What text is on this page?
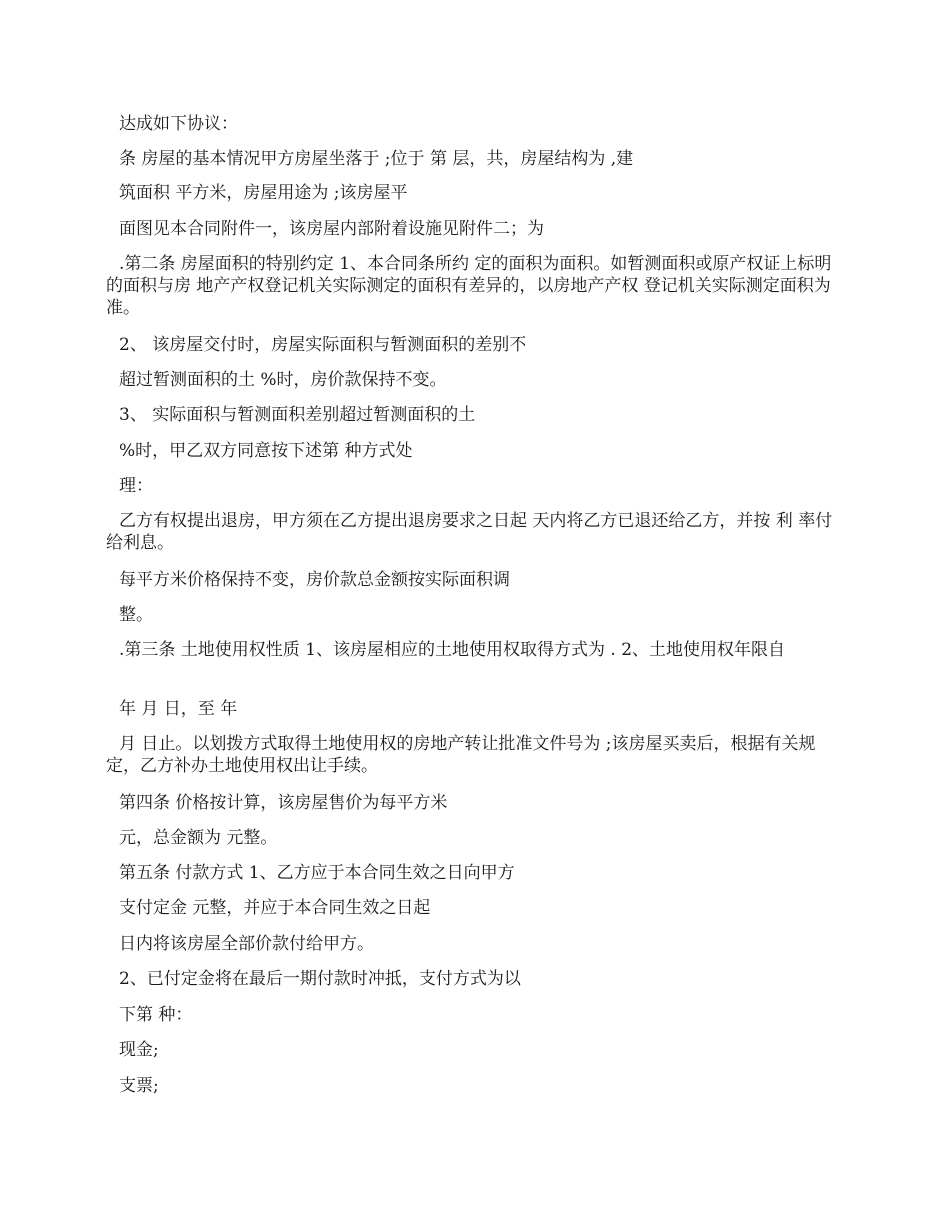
达成如下协议：

条 房屋的基本情况甲方房屋坐落于 ;位于 第 层，共，房屋结构为 ,建

筑面积 平方米，房屋用途为 ;该房屋平

面图见本合同附件一，该房屋内部附着设施见附件二；为

.第二条 房屋面积的特别约定 1、本合同条所约 定的面积为面积。如暂测面积或原产权证上标明的面积与房 地产产权登记机关实际测定的面积有差异的，以房地产产权 登记机关实际测定面积为准。

2、 该房屋交付时，房屋实际面积与暂测面积的差别不

超过暂测面积的土 %时，房价款保持不变。

3、 实际面积与暂测面积差别超过暂测面积的土

%时，甲乙双方同意按下述第 种方式处

理：

乙方有权提出退房，甲方须在乙方提出退房要求之日起 天内将乙方已退还给乙方，并按 利 率付给利息。

每平方米价格保持不变，房价款总金额按实际面积调

整。

.第三条 土地使用权性质 1、该房屋相应的土地使用权取得方式为 . 2、土地使用权年限自

年 月 日，至 年

月 日止。以划拨方式取得土地使用权的房地产转让批准文件号为 ;该房屋买卖后，根据有关规定，乙方补办土地使用权出让手续。

第四条 价格按计算，该房屋售价为每平方米

元，总金额为 元整。

第五条 付款方式 1、乙方应于本合同生效之日向甲方

支付定金 元整，并应于本合同生效之日起

日内将该房屋全部价款付给甲方。

2、已付定金将在最后一期付款时冲抵，支付方式为以

下第 种：

现金;

支票;
